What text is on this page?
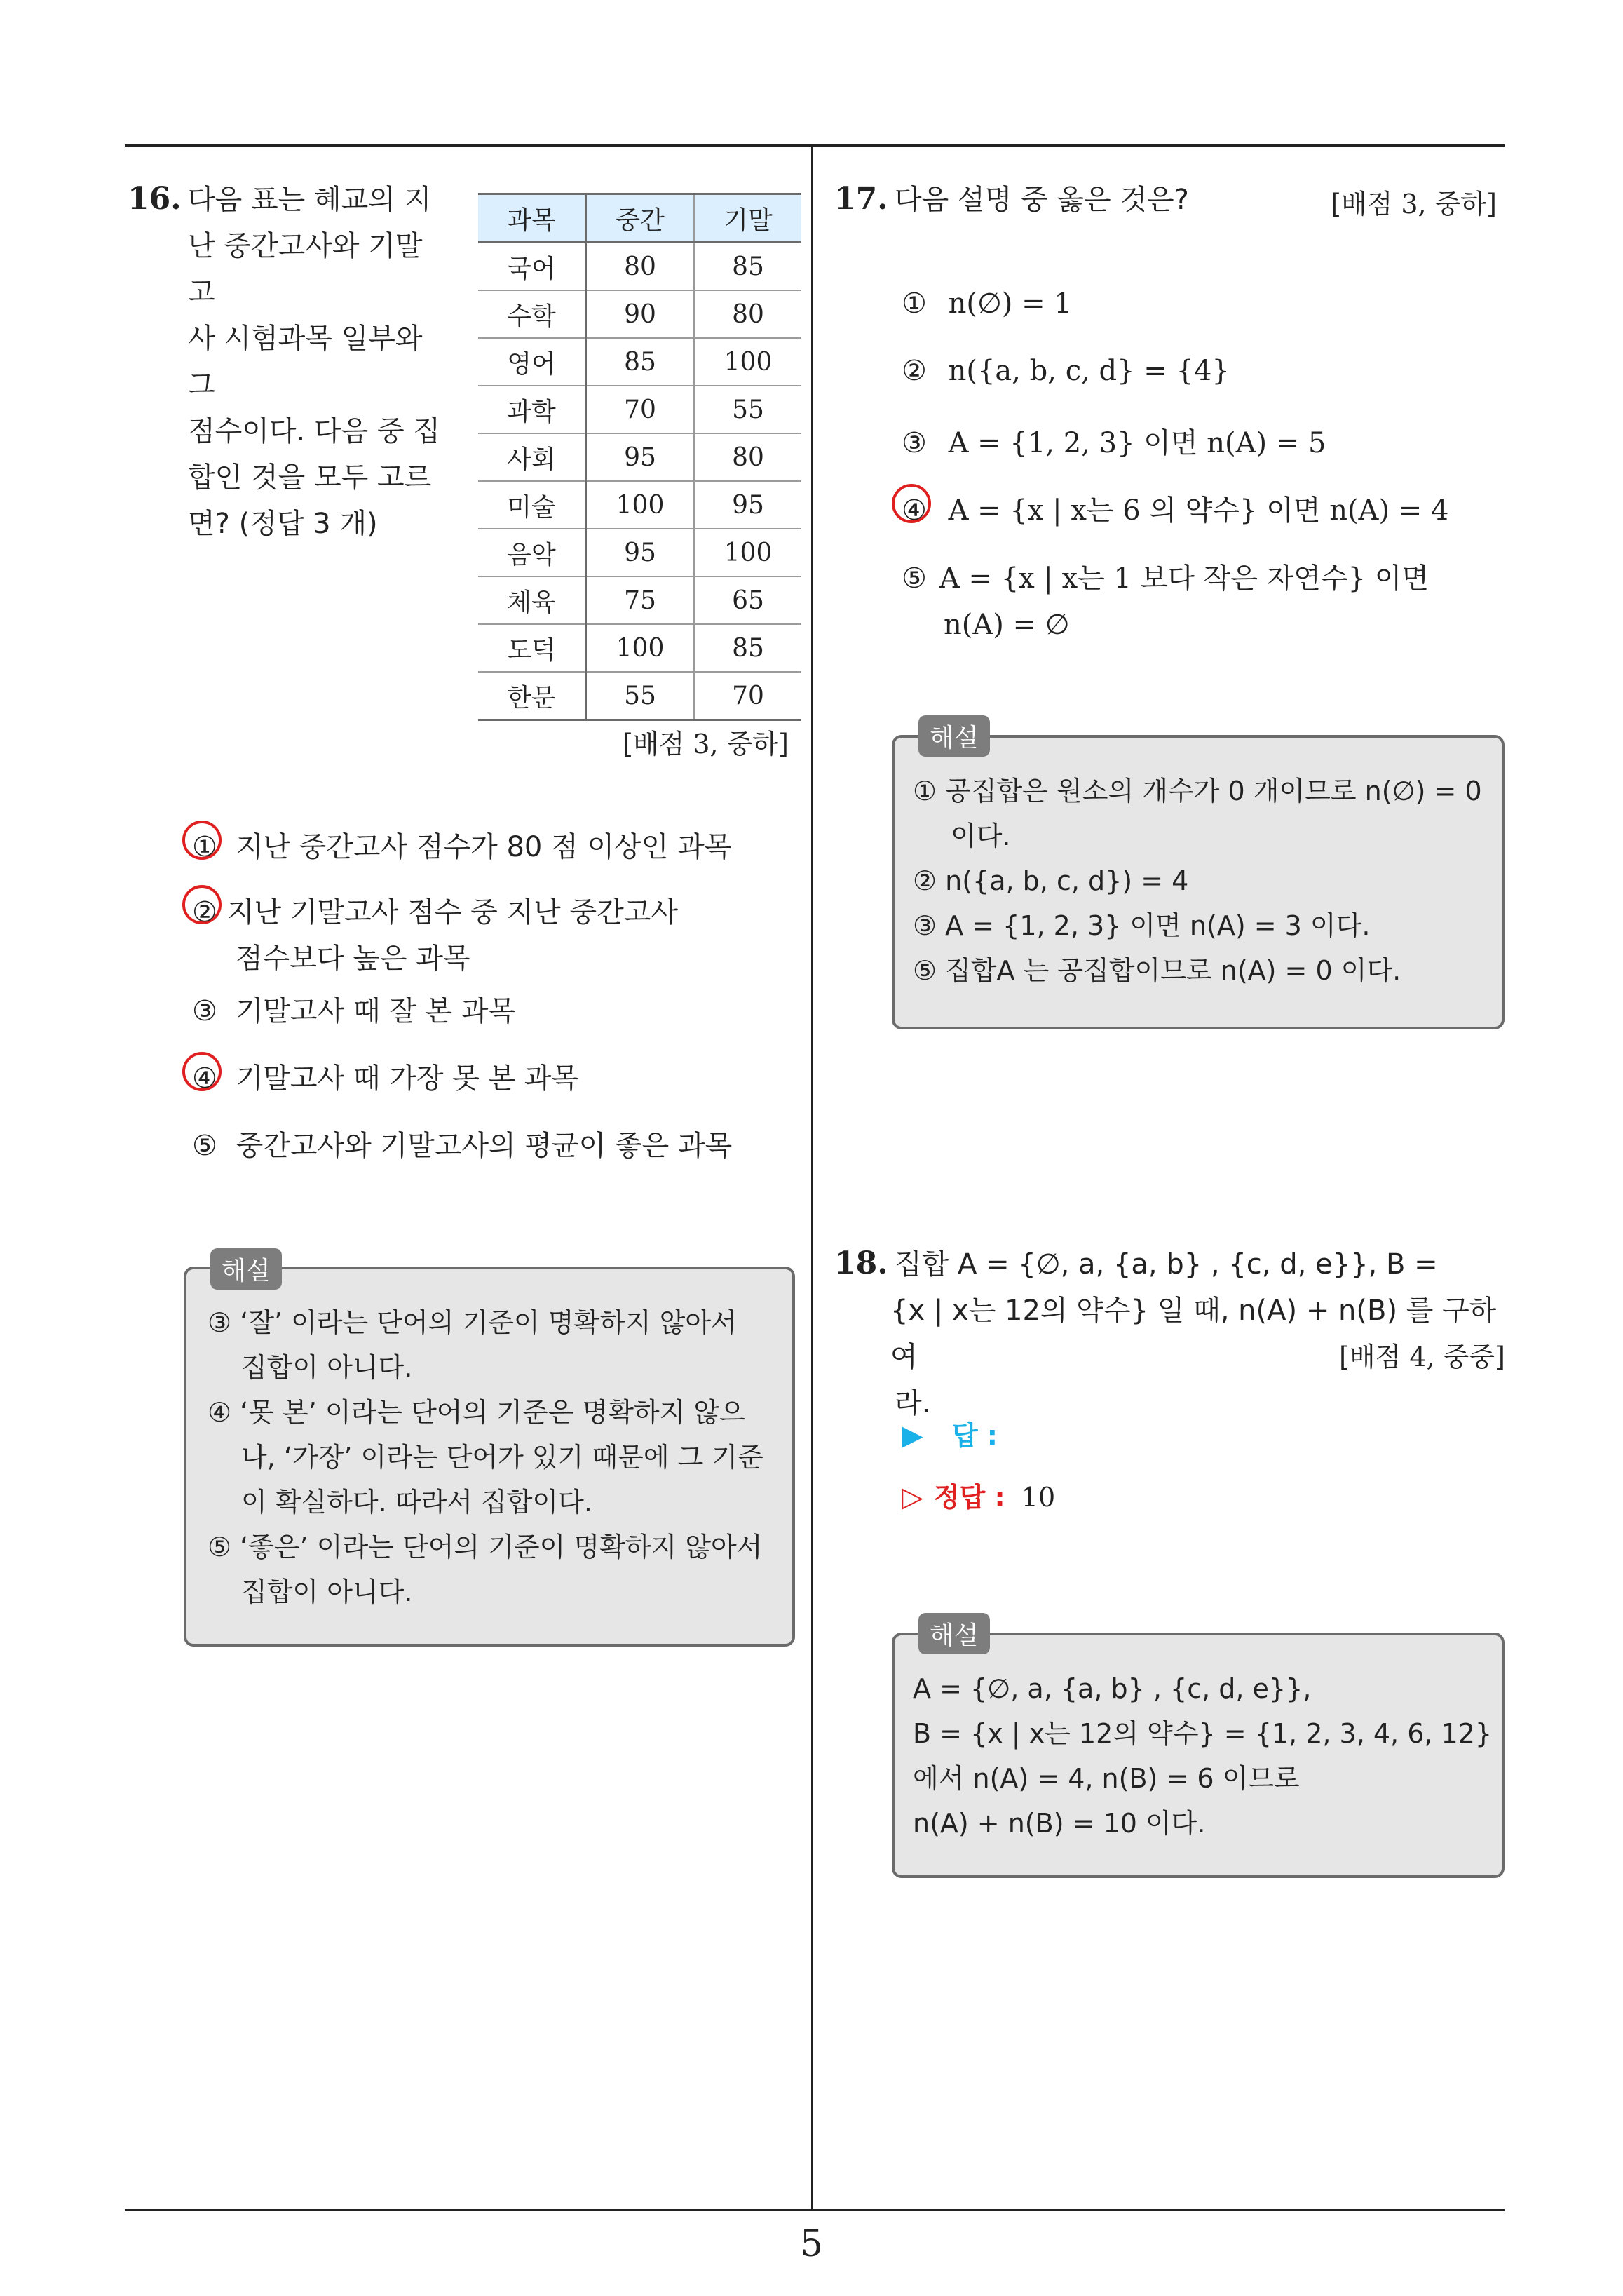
5
16. 다음 표는 혜교의 지
난 중간고사와 기말고
사 시험과목 일부와 그
점수이다. 다음 중 집
합인 것을 모두 고르
면? (정답 3 개)
과목	중간	기말
국어	80	85
수학	90	80
영어	85	100
과학	70	55
사회	95	80
미술	100	95
음악	95	100
체육	75	65
도덕	100	85
한문	55	70
[배점 3, 중하]
① 지난 중간고사 점수가 80 점 이상인 과목
② 지난 기말고사 점수 중 지난 중간고사
점수보다 높은 과목
③ 기말고사 때 잘 본 과목
④ 기말고사 때 가장 못 본 과목
⑤ 중간고사와 기말고사의 평균이 좋은 과목
해설
③ ‘잘’ 이라는 단어의 기준이 명확하지 않아서
집합이 아니다.
④ ‘못 본’ 이라는 단어의 기준은 명확하지 않으
나, ‘가장’ 이라는 단어가 있기 때문에 그 기준
이 확실하다. 따라서 집합이다.
⑤ ‘좋은’ 이라는 단어의 기준이 명확하지 않아서
집합이 아니다.
17. 다음 설명 중 옳은 것은?	[배점 3, 중하]
① n(∅) = 1
② n({a, b, c, d} = {4}
③ A = {1, 2, 3} 이면 n(A) = 5
④ A = {x | x는 6 의 약수} 이면 n(A) = 4
⑤ A = {x | x는 1 보다 작은 자연수} 이면
n(A) = ∅
해설
① 공집합은 원소의 개수가 0 개이므로 n(∅) = 0
이다.
② n({a, b, c, d}) = 4
③ A = {1, 2, 3} 이면 n(A) = 3 이다.
⑤ 집합A 는 공집합이므로 n(A) = 0 이다.
18. 집합 A = {∅, a, {a, b} , {c, d, e}}, B =
{x | x는 12의 약수} 일 때, n(A) + n(B) 를 구하여
라.
[배점 4, 중중]
▶ 답 :
▷ 정답 : 10
해설
A = {∅, a, {a, b} , {c, d, e}},
B = {x | x는 12의 약수} = {1, 2, 3, 4, 6, 12}
에서 n(A) = 4, n(B) = 6 이므로
n(A) + n(B) = 10 이다.
